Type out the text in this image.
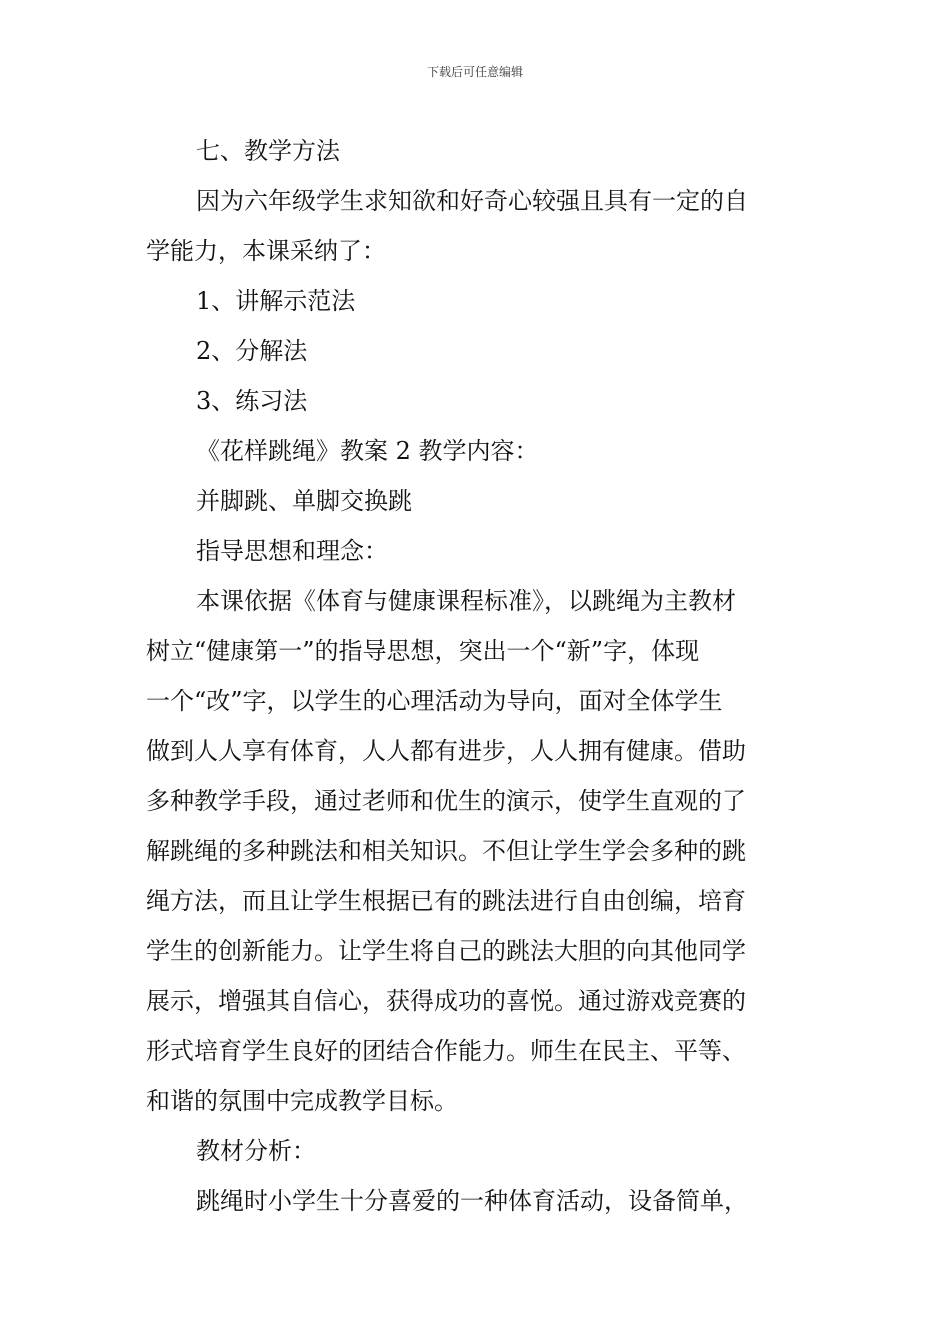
下载后可任意编辑
七、教学方法
因为六年级学生求知欲和好奇心较强且具有一定的自
学能力，本课采纳了：
1、讲解示范法
2、分解法
3、练习法
《花样跳绳》教案 2 教学内容：
并脚跳、单脚交换跳
指导思想和理念：
本课依据《体育与健康课程标准》，以跳绳为主教材
树立“健康第一”的指导思想，突出一个“新”字，体现
一个“改”字，以学生的心理活动为导向，面对全体学生
做到人人享有体育，人人都有进步，人人拥有健康。借助
多种教学手段，通过老师和优生的演示，使学生直观的了
解跳绳的多种跳法和相关知识。不但让学生学会多种的跳
绳方法，而且让学生根据已有的跳法进行自由创编，培育
学生的创新能力。让学生将自己的跳法大胆的向其他同学
展示，增强其自信心，获得成功的喜悦。通过游戏竞赛的
形式培育学生良好的团结合作能力。师生在民主、平等、
和谐的氛围中完成教学目标。
教材分析：
跳绳时小学生十分喜爱的一种体育活动，设备简单，
